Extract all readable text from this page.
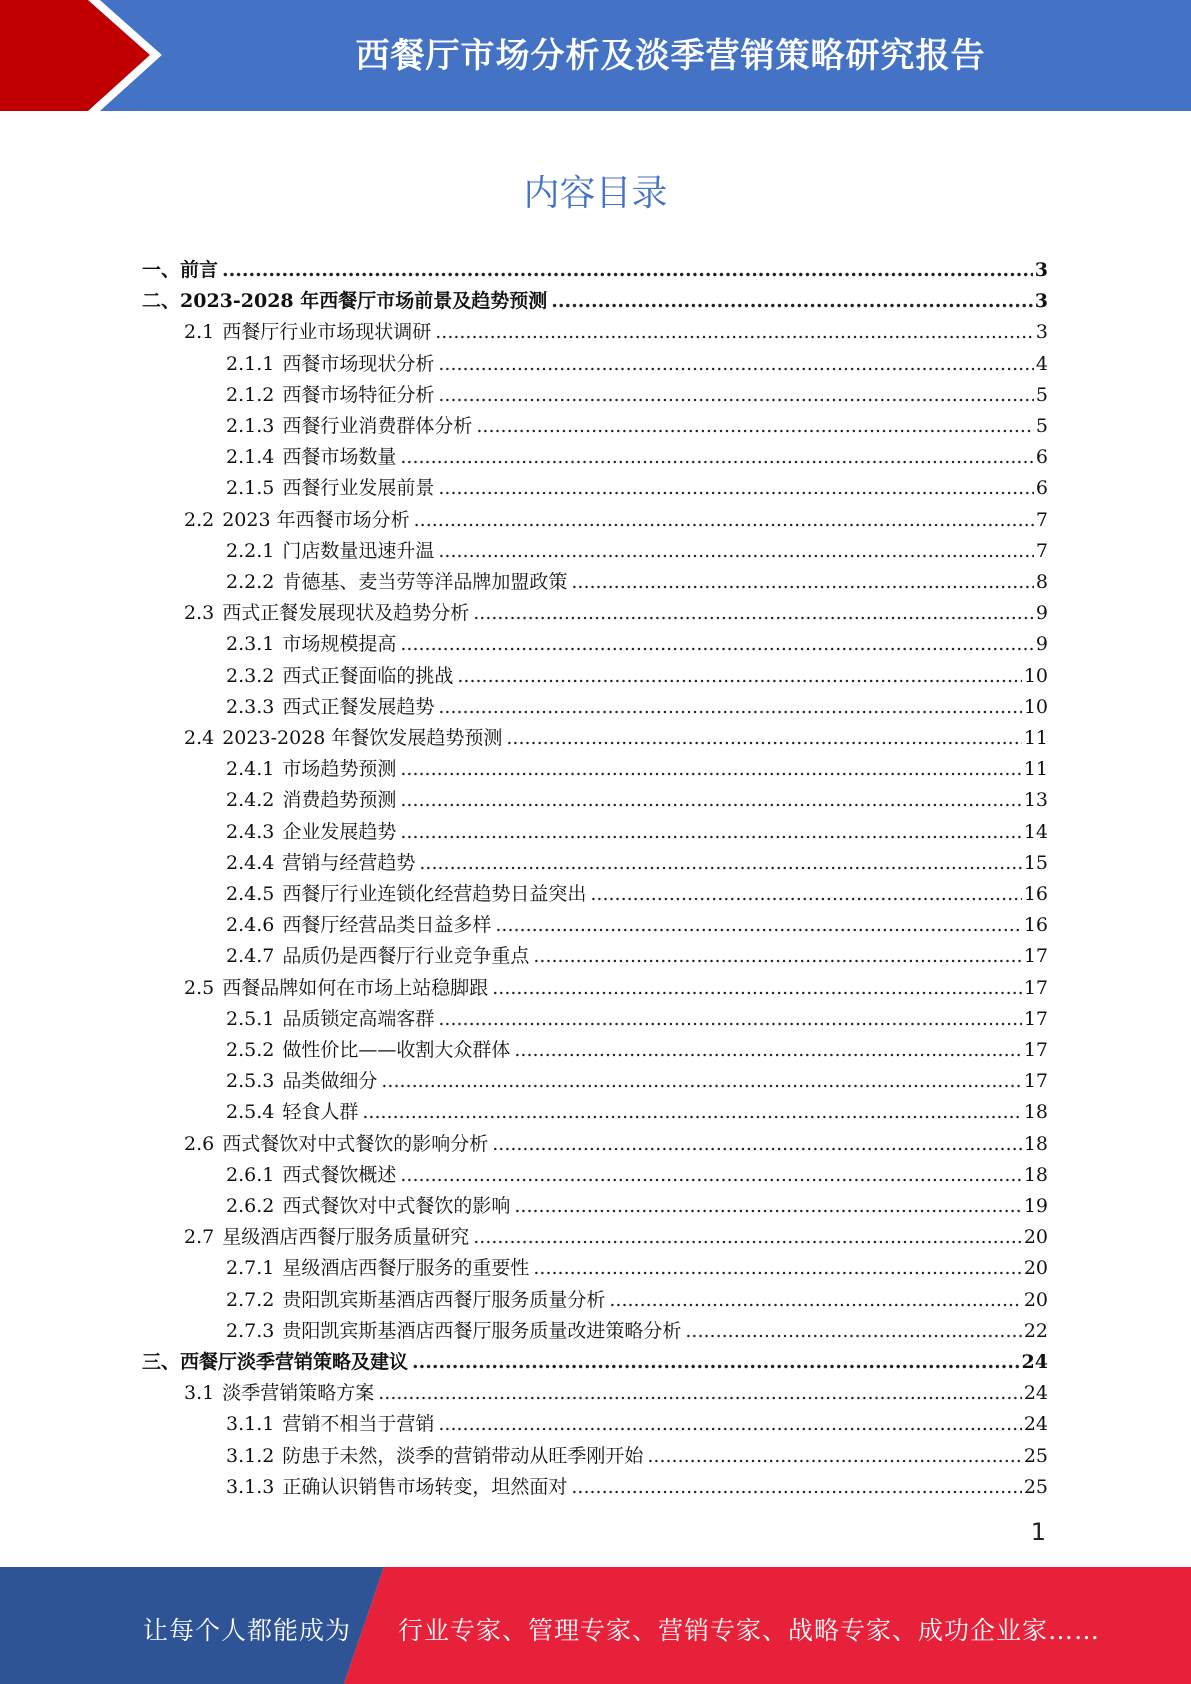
西餐厅市场分析及淡季营销策略研究报告
内容目录
一、前言 .....	3
二、2023-2028 年西餐厅市场前景及趋势预测 .....	3
2.1 西餐厅行业市场现状调研 .....	3
2.1.1 西餐市场现状分析 .....	4
2.1.2 西餐市场特征分析 .....	5
2.1.3 西餐行业消费群体分析 .....	5
2.1.4 西餐市场数量 .....	6
2.1.5 西餐行业发展前景 .....	6
2.2 2023 年西餐市场分析 .....	7
2.2.1 门店数量迅速升温 .....	7
2.2.2 肯德基、麦当劳等洋品牌加盟政策 .....	8
2.3 西式正餐发展现状及趋势分析 .....	9
2.3.1 市场规模提高 .....	9
2.3.2 西式正餐面临的挑战 .....	10
2.3.3 西式正餐发展趋势 .....	10
2.4 2023-2028 年餐饮发展趋势预测 .....	11
2.4.1 市场趋势预测 .....	11
2.4.2 消费趋势预测 .....	13
2.4.3 企业发展趋势 .....	14
2.4.4 营销与经营趋势 .....	15
2.4.5 西餐厅行业连锁化经营趋势日益突出 .....	16
2.4.6 西餐厅经营品类日益多样 .....	16
2.4.7 品质仍是西餐厅行业竞争重点 .....	17
2.5 西餐品牌如何在市场上站稳脚跟 .....	17
2.5.1 品质锁定高端客群 .....	17
2.5.2 做性价比——收割大众群体 .....	17
2.5.3 品类做细分 .....	17
2.5.4 轻食人群 .....	18
2.6 西式餐饮对中式餐饮的影响分析 .....	18
2.6.1 西式餐饮概述 .....	18
2.6.2 西式餐饮对中式餐饮的影响 .....	19
2.7 星级酒店西餐厅服务质量研究 .....	20
2.7.1 星级酒店西餐厅服务的重要性 .....	20
2.7.2 贵阳凯宾斯基酒店西餐厅服务质量分析 .....	20
2.7.3 贵阳凯宾斯基酒店西餐厅服务质量改进策略分析 .....	22
三、西餐厅淡季营销策略及建议 .....	24
3.1 淡季营销策略方案 .....	24
3.1.1 营销不相当于营销 .....	24
3.1.2 防患于未然，淡季的营销带动从旺季刚开始 .....	25
3.1.3 正确认识销售市场转变，坦然面对 .....	25
1
让每个人都能成为 行业专家、管理专家、营销专家、战略专家、成功企业家……
